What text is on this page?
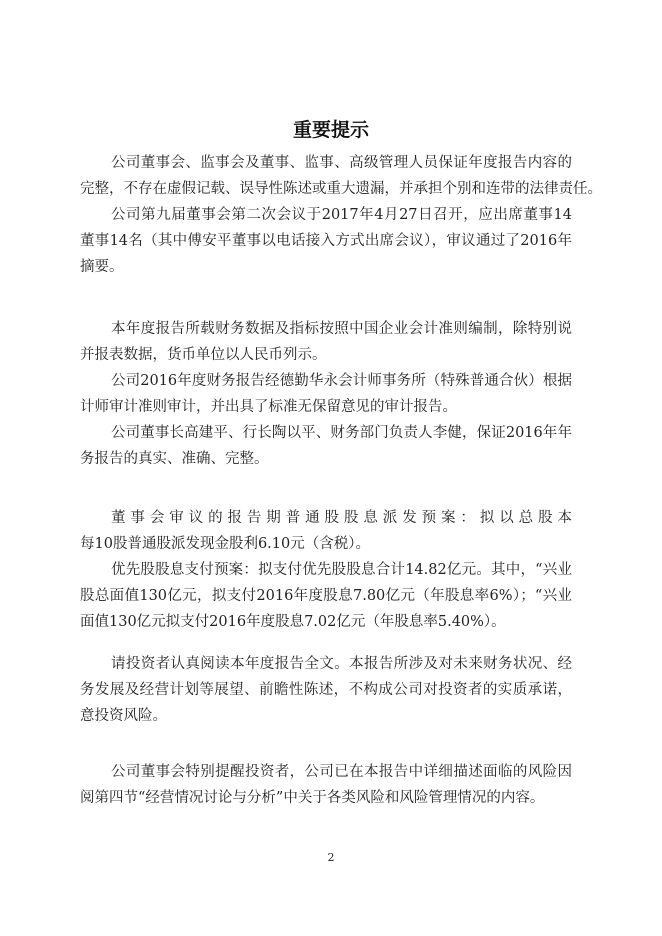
重要提示
公司董事会、监事会及董事、监事、高级管理人员保证年度报告内容的
完整，不存在虚假记载、误导性陈述或重大遗漏，并承担个别和连带的法律责任。
公司第九届董事会第二次会议于2017年4月27日召开，应出席董事14
董事14名（其中傅安平董事以电话接入方式出席会议），审议通过了2016年
摘要。
本年度报告所载财务数据及指标按照中国企业会计准则编制，除特别说
并报表数据，货币单位以人民币列示。
公司2016年度财务报告经德勤华永会计师事务所（特殊普通合伙）根据
计师审计准则审计，并出具了标准无保留意见的审计报告。
公司董事长高建平、行长陶以平、财务部门负责人李健，保证2016年年
务报告的真实、准确、完整。
董事会审议的报告期普通股股息派发预案：拟以总股本
每10股普通股派发现金股利6.10元（含税）。
优先股股息支付预案：拟支付优先股股息合计14.82亿元。其中，“兴业
股总面值130亿元，拟支付2016年度股息7.80亿元（年股息率6%）；“兴业
面值130亿元拟支付2016年度股息7.02亿元（年股息率5.40%）。
请投资者认真阅读本年度报告全文。本报告所涉及对未来财务状况、经
务发展及经营计划等展望、前瞻性陈述，不构成公司对投资者的实质承诺，
意投资风险。
公司董事会特别提醒投资者，公司已在本报告中详细描述面临的风险因
阅第四节“经营情况讨论与分析”中关于各类风险和风险管理情况的内容。
2
